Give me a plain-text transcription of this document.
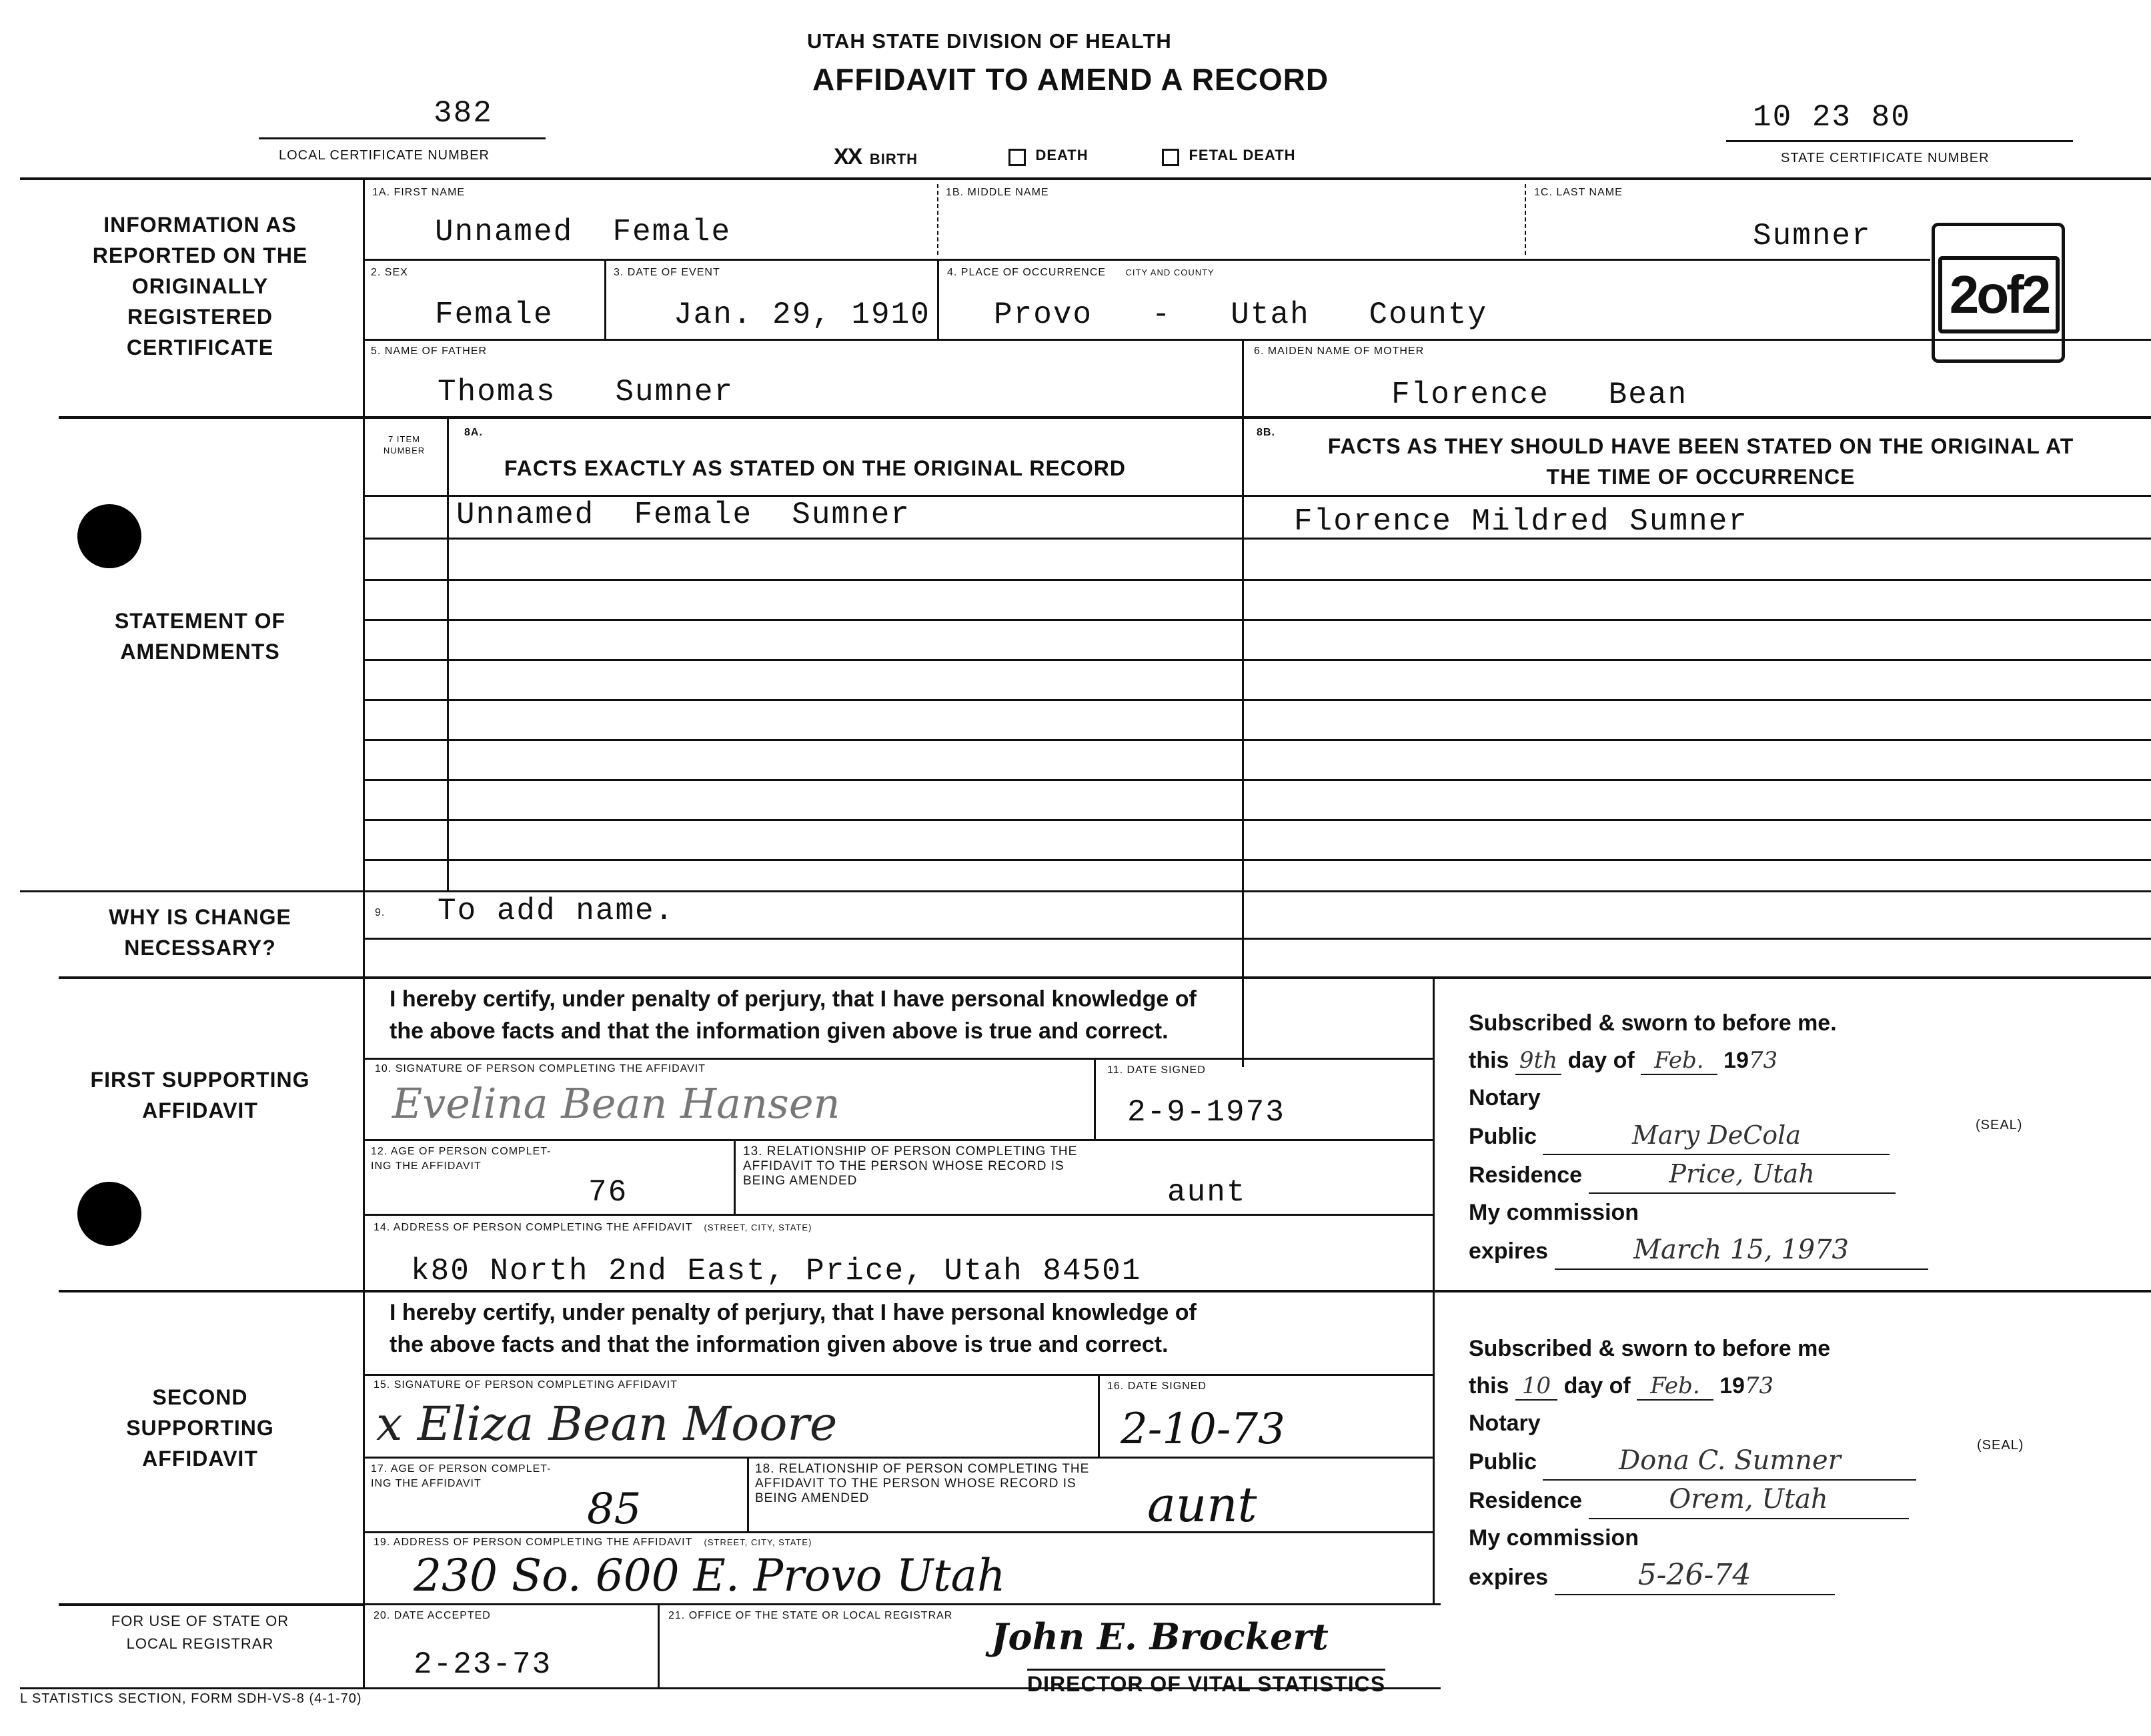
UTAH STATE DIVISION OF HEALTH
AFFIDAVIT TO AMEND A RECORD
382
LOCAL CERTIFICATE NUMBER
10 23 80
STATE CERTIFICATE NUMBER
XX BIRTH	DEATH	FETAL DEATH
2of2
INFORMATION AS REPORTED ON THE ORIGINALLY REGISTERED CERTIFICATE
STATEMENT OF AMENDMENTS
WHY IS CHANGE NECESSARY?
FIRST SUPPORTING AFFIDAVIT
SECOND SUPPORTING AFFIDAVIT
FOR USE OF STATE OR LOCAL REGISTRAR
1A. FIRST NAME
Unnamed  Female
1B. MIDDLE NAME	1C. LAST NAME
Sumner
2. SEX
Female
3. DATE OF EVENT
Jan. 29, 1910
4. PLACE OF OCCURRENCE CITY AND COUNTY
Provo   -   Utah   County
5. NAME OF FATHER
Thomas   Sumner
6. MAIDEN NAME OF MOTHER
Florence   Bean
7 ITEM NUMBER
8A.
FACTS EXACTLY AS STATED ON THE ORIGINAL RECORD
8B.
FACTS AS THEY SHOULD HAVE BEEN STATED ON THE ORIGINAL AT THE TIME OF OCCURRENCE
Unnamed  Female  Sumner	Florence Mildred Sumner
9. To add name.
I hereby certify, under penalty of perjury, that I have personal knowledge of
the above facts and that the information given above is true and correct.
10. SIGNATURE OF PERSON COMPLETING THE AFFIDAVIT
Evelina Bean Hansen
11. DATE SIGNED
2-9-1973
12. AGE OF PERSON COMPLET-
ING THE AFFIDAVIT
76
13. RELATIONSHIP OF PERSON COMPLETING THE
AFFIDAVIT TO THE PERSON WHOSE RECORD IS
BEING AMENDED	aunt
14. ADDRESS OF PERSON COMPLETING THE AFFIDAVIT (STREET, CITY, STATE)
k80 North 2nd East, Price, Utah 84501
Subscribed & sworn to before me.
this 9th day of Feb. 1973
Notary
Public	Mary DeCola
Residence	Price, Utah
My commission
expires	March 15, 1973
(SEAL)
I hereby certify, under penalty of perjury, that I have personal knowledge of
the above facts and that the information given above is true and correct.
15. SIGNATURE OF PERSON COMPLETING AFFIDAVIT
x Eliza Bean Moore
16. DATE SIGNED
2-10-73
17. AGE OF PERSON COMPLET-
ING THE AFFIDAVIT
85
18. RELATIONSHIP OF PERSON COMPLETING THE
AFFIDAVIT TO THE PERSON WHOSE RECORD IS
BEING AMENDED	aunt
19. ADDRESS OF PERSON COMPLETING THE AFFIDAVIT (STREET, CITY, STATE)
230 So. 600 E. Provo Utah
Subscribed & sworn to before me
this 10 day of Feb. 1973
Notary
Public	Dona C. Sumner
Residence	Orem, Utah
My commission
expires	5-26-74
(SEAL)
20. DATE ACCEPTED
2-23-73
21. OFFICE OF THE STATE OR LOCAL REGISTRAR John E. Brockert
DIRECTOR OF VITAL STATISTICS
L STATISTICS SECTION, FORM SDH-VS-8 (4-1-70)
